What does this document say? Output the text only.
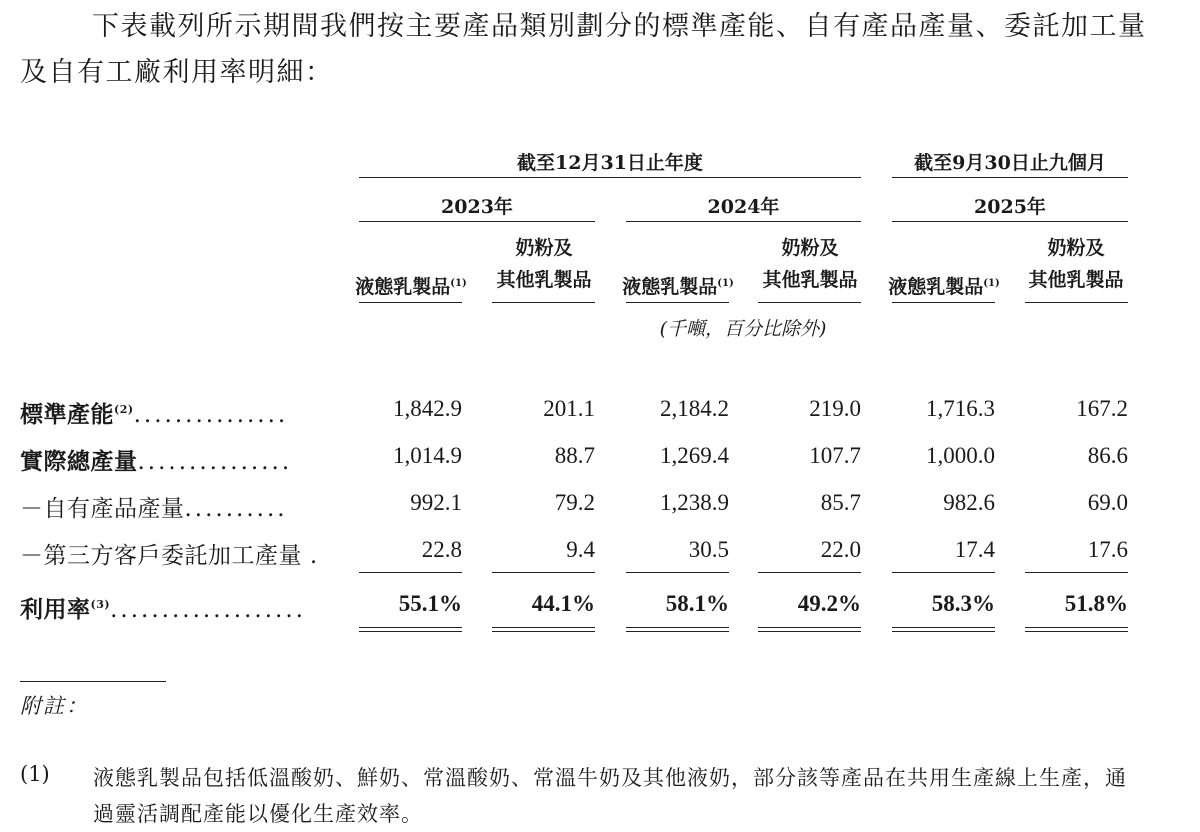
下表載列所示期間我們按主要產品類別劃分的標準產能、自有產品產量、委託加工量及自有工廠利用率明細：
截至12月31日止年度	截至9月30日止九個月
2023年	2024年	2025年
液態乳製品$^{(1)}$
奶粉及
其他乳製品	液態乳製品$^{(1)}$
奶粉及
其他乳製品	液態乳製品$^{(1)}$
奶粉及
其他乳製品
(千噸，百分比除外)
標準產能$^{(2)}$...............	1,842.9	201.1	2,184.2	219.0	1,716.3	167.2
實際總產量...............	1,014.9	88.7	1,269.4	107.7	1,000.0	86.6
－自有產品產量..........	992.1	79.2	1,238.9	85.7	982.6	69.0
－第三方客戶委託加工產量 .	22.8	9.4	30.5	22.0	17.4	17.6
利用率$^{(3)}$...................	55.1%	44.1%	58.1%	49.2%	58.3%	51.8%
附註：
(1) 液態乳製品包括低溫酸奶、鮮奶、常溫酸奶、常溫牛奶及其他液奶，部分該等產品在共用生產線上生產，通過靈活調配產能以優化生產效率。
